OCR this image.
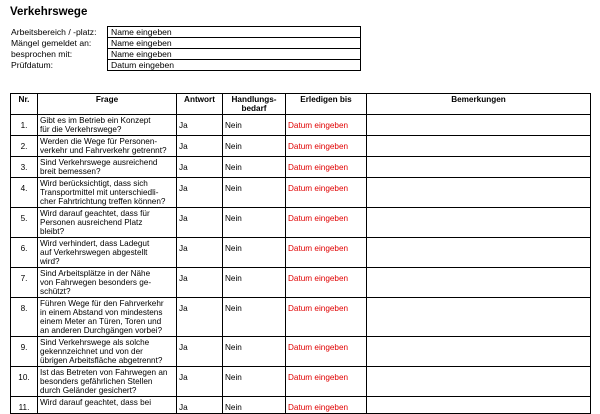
Verkehrswege
Arbeitsbereich / -platz:	Name eingeben
Mängel gemeldet an:	Name eingeben
besprochen mit:	Name eingeben
Prüfdatum:	Datum eingeben
Nr.	Frage	Antwort	Handlungs-
bedarf	Erledigen bis	Bemerkungen
1.	Gibt es im Betrieb ein Konzept
für die Verkehrswege?	Ja	Nein	Datum eingeben	
2.	Werden die Wege für Personen-
verkehr und Fahrverkehr getrennt?	Ja	Nein	Datum eingeben	
3.	Sind Verkehrswege ausreichend
breit bemessen?	Ja	Nein	Datum eingeben	
4.	Wird berücksichtigt, dass sich
Transportmittel mit unterschiedli-
cher Fahrtrichtung treffen können?	Ja	Nein	Datum eingeben	
5.	Wird darauf geachtet, dass für
Personen ausreichend Platz
bleibt?	Ja	Nein	Datum eingeben	
6.	Wird verhindert, dass Ladegut
auf Verkehrswegen abgestellt
wird?	Ja	Nein	Datum eingeben	
7.	Sind Arbeitsplätze in der Nähe
von Fahrwegen besonders ge-
schützt?	Ja	Nein	Datum eingeben	
8.	Führen Wege für den Fahrverkehr
in einem Abstand von mindestens
einem Meter an Türen, Toren und
an anderen Durchgängen vorbei?	Ja	Nein	Datum eingeben	
9.	Sind Verkehrswege als solche
gekennzeichnet und von der
übrigen Arbeitsfläche abgetrennt?	Ja	Nein	Datum eingeben	
10.	Ist das Betreten von Fahrwegen an
besonders gefährlichen Stellen
durch Geländer gesichert?	Ja	Nein	Datum eingeben	
11.	Wird darauf geachtet, dass bei	Ja	Nein	Datum eingeben	
